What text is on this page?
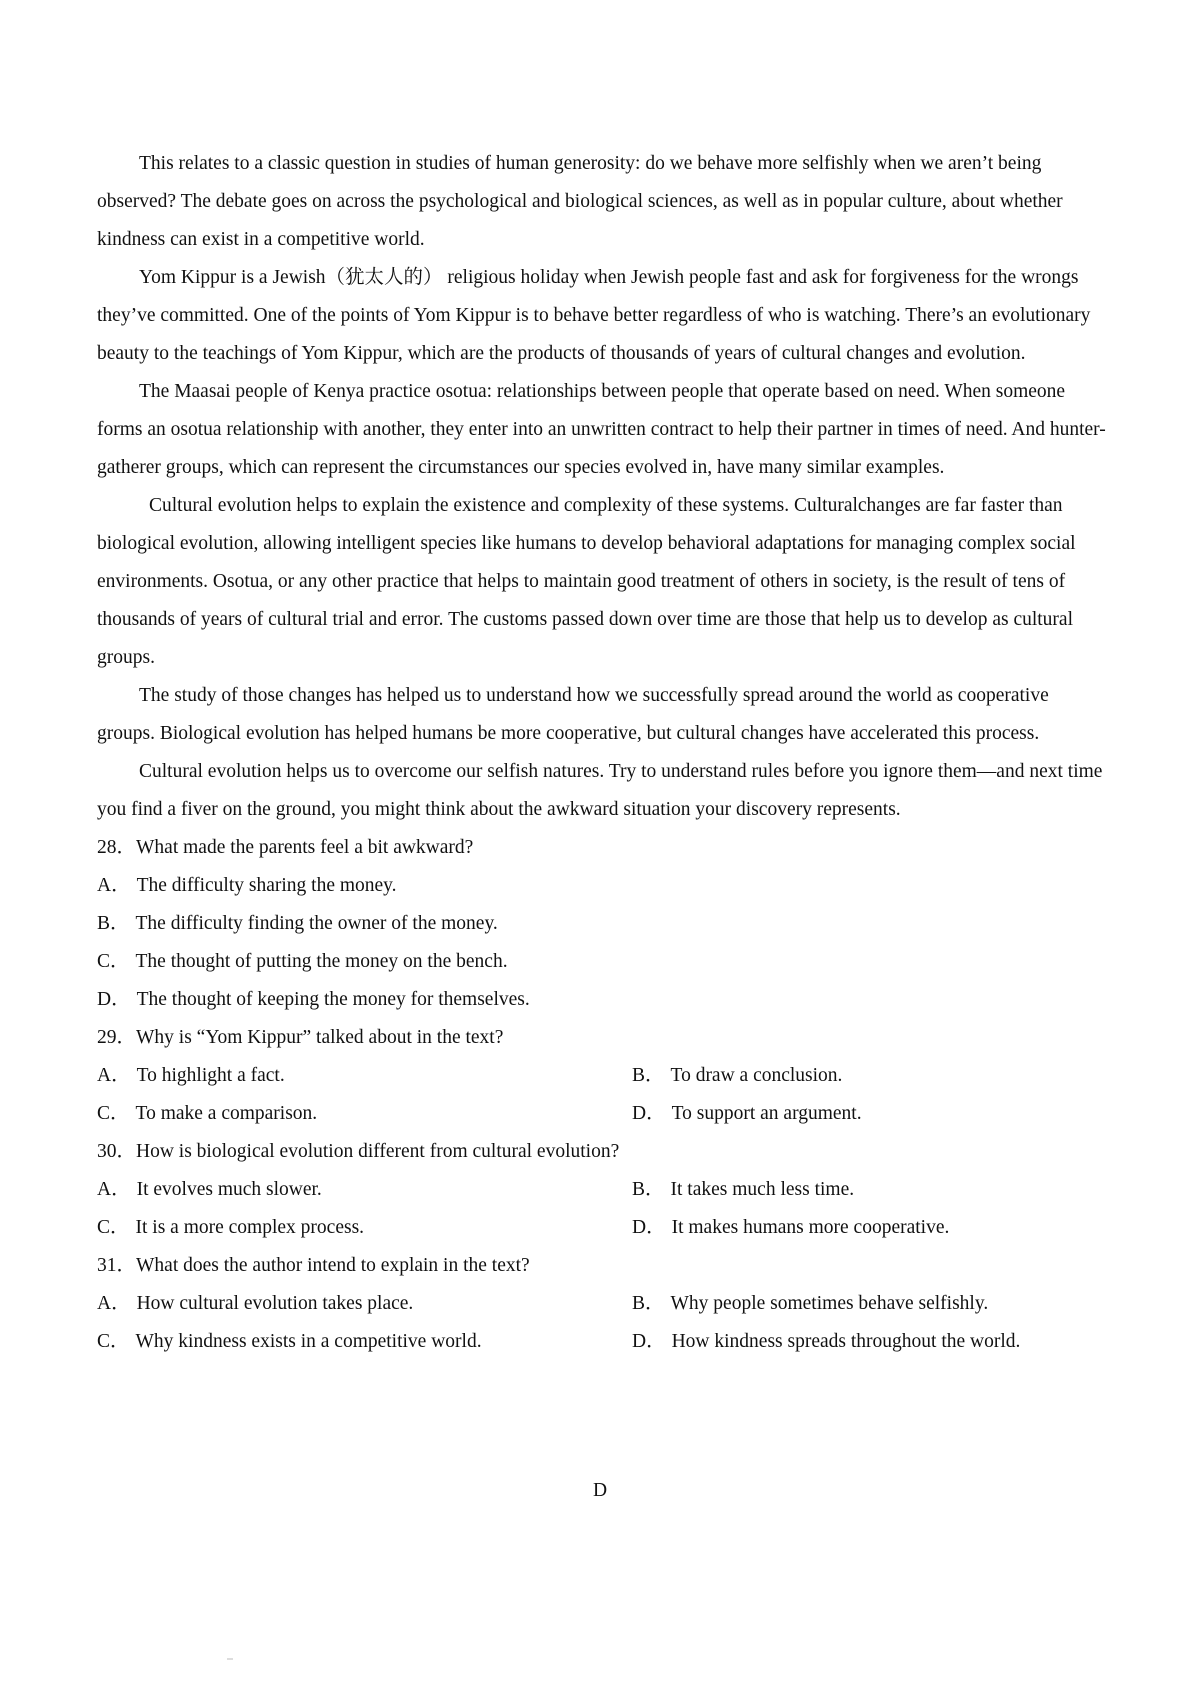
This relates to a classic question in studies of human generosity: do we behave more selfishly when we aren’t being observed? The debate goes on across the psychological and biological sciences, as well as in popular culture, about whether kindness can exist in a competitive world.

Yom Kippur is a Jewish（犹太人的） religious holiday when Jewish people fast and ask for forgiveness for the wrongs they’ve committed. One of the points of Yom Kippur is to behave better regardless of who is watching. There’s an evolutionary beauty to the teachings of Yom Kippur, which are the products of thousands of years of cultural changes and evolution.

The Maasai people of Kenya practice osotua: relationships between people that operate based on need. When someone forms an osotua relationship with another, they enter into an unwritten contract to help their partner in times of need. And hunter-gatherer groups, which can represent the circumstances our species evolved in, have many similar examples.

Cultural evolution helps to explain the existence and complexity of these systems. Culturalchanges are far faster than biological evolution, allowing intelligent species like humans to develop behavioral adaptations for managing complex social environments. Osotua, or any other practice that helps to maintain good treatment of others in society, is the result of tens of thousands of years of cultural trial and error. The customs passed down over time are those that help us to develop as cultural groups.

The study of those changes has helped us to understand how we successfully spread around the world as cooperative groups. Biological evolution has helped humans be more cooperative, but cultural changes have accelerated this process.

Cultural evolution helps us to overcome our selfish natures. Try to understand rules before you ignore them—and next time you find a fiver on the ground, you might think about the awkward situation your discovery represents.

28．What made the parents feel a bit awkward?

A． The difficulty sharing the money.

B． The difficulty finding the owner of the money.

C． The thought of putting the money on the bench.

D． The thought of keeping the money for themselves.

29．Why is “Yom Kippur” talked about in the text?

A． To highlight a fact.	B． To draw a conclusion.

C． To make a comparison.	D． To support an argument.

30．How is biological evolution different from cultural evolution?

A． It evolves much slower.	B． It takes much less time.

C． It is a more complex process.	D． It makes humans more cooperative.

31．What does the author intend to explain in the text?

A． How cultural evolution takes place.	B． Why people sometimes behave selfishly.

C． Why kindness exists in a competitive world.	D． How kindness spreads throughout the world.

D
